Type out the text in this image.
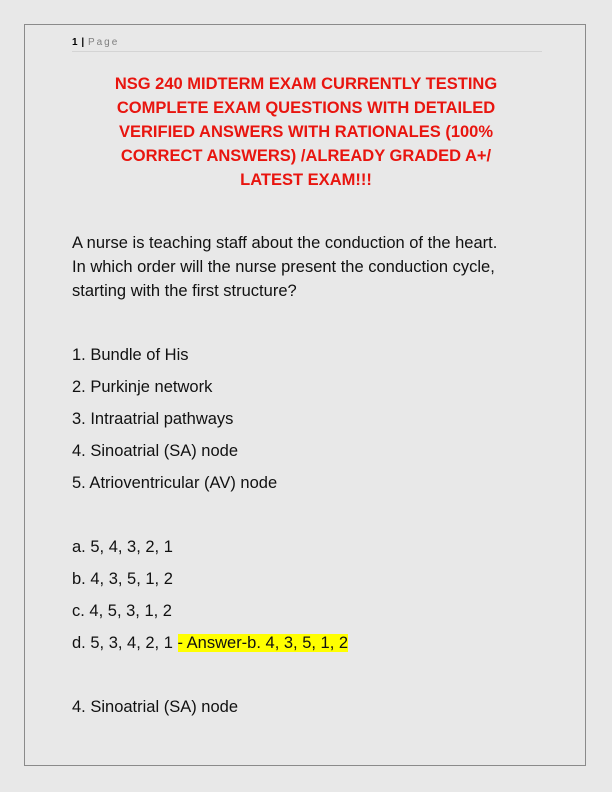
1 | Page
NSG 240 MIDTERM EXAM CURRENTLY TESTING
COMPLETE EXAM QUESTIONS WITH DETAILED
VERIFIED ANSWERS WITH RATIONALES (100%
CORRECT ANSWERS) /ALREADY GRADED A+/
LATEST EXAM!!!
A nurse is teaching staff about the conduction of the heart.
In which order will the nurse present the conduction cycle,
starting with the first structure?
1. Bundle of His
2. Purkinje network
3. Intraatrial pathways
4. Sinoatrial (SA) node
5. Atrioventricular (AV) node
a. 5, 4, 3, 2, 1
b. 4, 3, 5, 1, 2
c. 4, 5, 3, 1, 2
d. 5, 3, 4, 2, 1 - Answer-b. 4, 3, 5, 1, 2
4. Sinoatrial (SA) node
